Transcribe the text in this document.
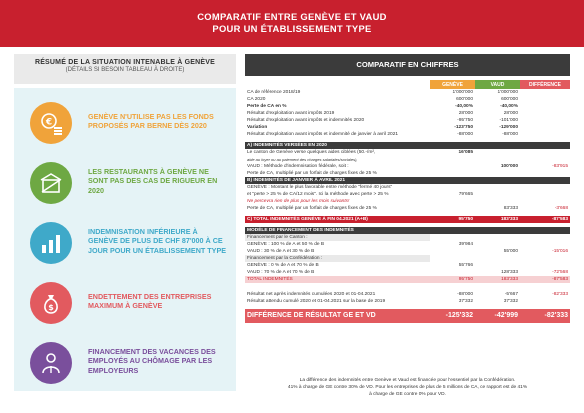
COMPARATIF ENTRE GENÈVE ET VAUD
POUR UN ÉTABLISSEMENT TYPE
RÉSUMÉ DE LA SITUATION INTENABLE À GENÈVE
(DÉTAILS SI BESOIN TABLEAU À DROITE)
€
GENÈVE N'UTILISE PAS LES FONDS PROPOSÉS PAR BERNE DÈS 2020
LES RESTAURANTS À GENÈVE NE SONT PAS DES CAS DE RIGUEUR EN 2020
INDEMNISATION INFÉRIEURE À GENÈVE DE PLUS DE CHF 87'000 À CE JOUR POUR UN ÉTABLISSEMENT TYPE
$
ENDETTEMENT DES ENTREPRISES MAXIMUM À GENÈVE
FINANCEMENT DES VACANCES DES EMPLOYÉS AU CHÔMAGE PAR LES EMPLOYEURS
COMPARATIF EN CHIFFRES

	GENÈVE	VAUD	DIFFÉRENCE
CA de référence 2018/19	1'000'000	1'000'000	
CA 2020	600'000	600'000	
Perte de CA en %	-40,00%	-40,00%	
Résultat d'exploitation avant impôts 2019	28'000	28'000	
Résultat d'exploitation avant impôts et indemnités 2020	-95'750	-101'000	
Variation	-123'750	-129'000	
Résultat d'exploitation avant impôts et indemnité de janvier à avril 2021	-88'000	-88'000	

A) INDEMNITÉS VERSÉES EN 2020			
Le canton de Genève verse quelques aides ciblées (50.-/m²,	16'085		
aide au loyer ou au paiement des charges salariales/sociales),			
VAUD : Méthode d'indemnisation fédérale, soit :		100'000	-83'915
Perte de CA, multiplié par un forfait de charges fixes de 25 %			
B) INDEMNITÉS DE JANVIER À AVRIL 2021			
GENÈVE : Montant le plus favorable entre méthode "fermé 40 jours"			
et "perte > 25 % de CA/12 mois". Ici la méthode avec perte > 25 %	79'665		
Ne percevra rien de plus pour les mois suivants!			
Perte de CA, multiplié par un forfait de charges fixes de 25 %		83'333	-3'668

C) TOTAL INDEMNITÉS GENÈVE À FIN 04.2021 (A+B)	95'750	183'333	-87'583

MODÈLE DE FINANCEMENT DES INDEMNITÉS			
Financement par le Canton :			
GENÈVE : 100 % de A et 50 % de B	39'984		
VAUD : 30 % de A et 30 % de B		55'000	-15'016
Financement par la Confédération :			
GENÈVE : 0 % de A et 70 % de B	55'766		
VAUD : 70 % de A et 70 % de B		128'333	-72'568
TOTAL INDEMNITÉS	95'750	183'333	-87'583

Résultat net après indemnités cumulées 2020 et 01-04.2021	-88'000	-5'667	-82'333
Résultat attendu cumulé 2020 et 01-04.2021 sur la base de 2019	37'332	37'332	

DIFFÉRENCE DE RÉSULTAT GE ET VD	-125'332	-42'999	-82'333
La différence des indemnités entre Genève et Vaud est financée pour l'essentiel par la Confédération.
41% à charge de GE contre 30% de VD. Pour les entreprises de plus de 5 millions de CA, ce rapport est de 41%
à charge de GE contre 0% pour VD.
